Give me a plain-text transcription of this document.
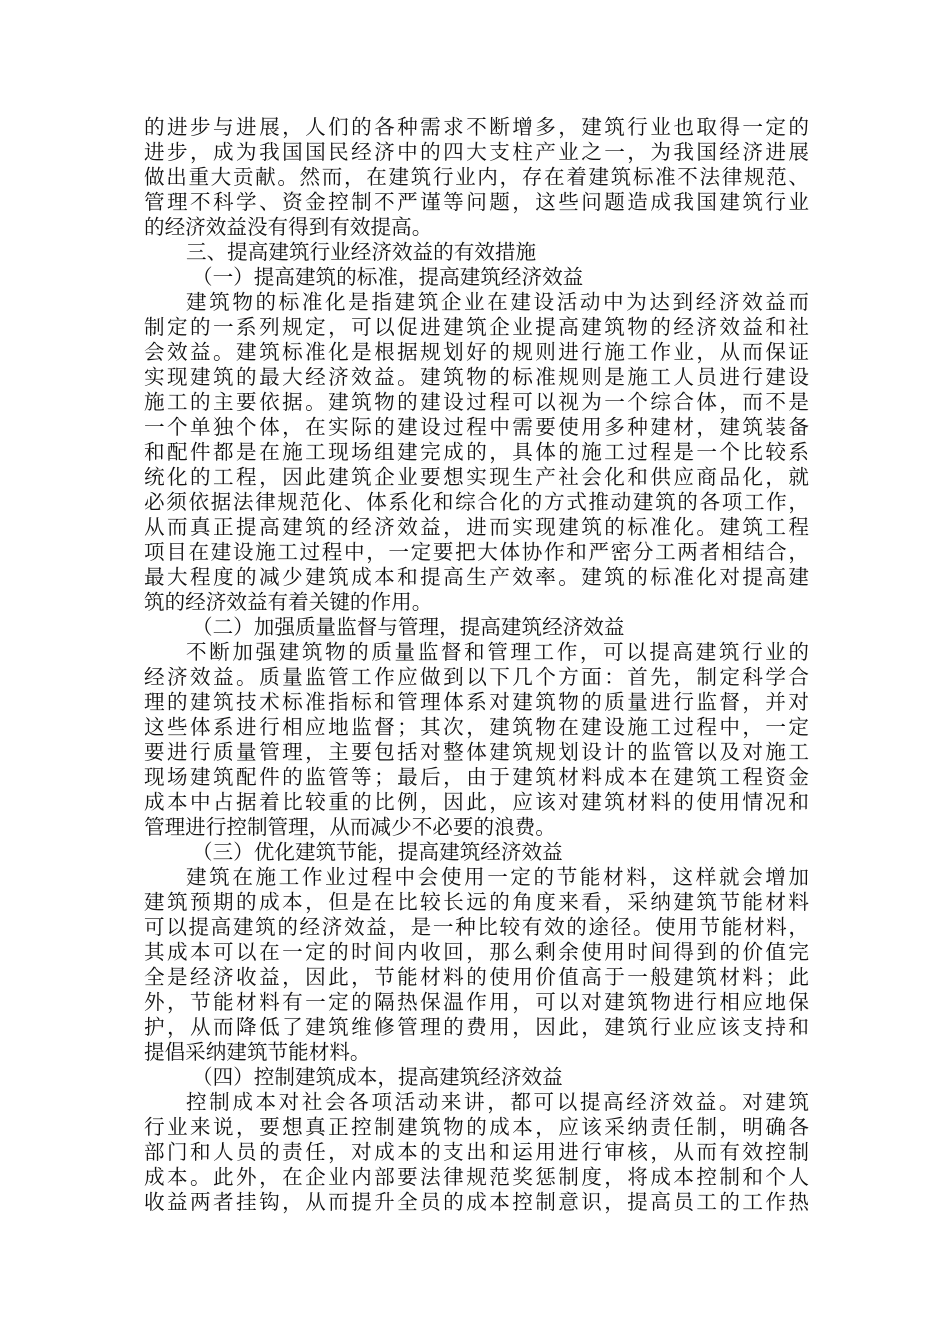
的进步与进展，人们的各种需求不断增多，建筑行业也取得一定的
进步，成为我国国民经济中的四大支柱产业之一，为我国经济进展
做出重大贡献。然而，在建筑行业内，存在着建筑标准不法律规范、
管理不科学、资金控制不严谨等问题，这些问题造成我国建筑行业
的经济效益没有得到有效提高。
三、提高建筑行业经济效益的有效措施
（一）提高建筑的标准，提高建筑经济效益
建筑物的标准化是指建筑企业在建设活动中为达到经济效益而
制定的一系列规定，可以促进建筑企业提高建筑物的经济效益和社
会效益。建筑标准化是根据规划好的规则进行施工作业，从而保证
实现建筑的最大经济效益。建筑物的标准规则是施工人员进行建设
施工的主要依据。建筑物的建设过程可以视为一个综合体，而不是
一个单独个体，在实际的建设过程中需要使用多种建材，建筑装备
和配件都是在施工现场组建完成的，具体的施工过程是一个比较系
统化的工程，因此建筑企业要想实现生产社会化和供应商品化，就
必须依据法律规范化、体系化和综合化的方式推动建筑的各项工作，
从而真正提高建筑的经济效益，进而实现建筑的标准化。建筑工程
项目在建设施工过程中，一定要把大体协作和严密分工两者相结合，
最大程度的减少建筑成本和提高生产效率。建筑的标准化对提高建
筑的经济效益有着关键的作用。
（二）加强质量监督与管理，提高建筑经济效益
不断加强建筑物的质量监督和管理工作，可以提高建筑行业的
经济效益。质量监管工作应做到以下几个方面：首先，制定科学合
理的建筑技术标准指标和管理体系对建筑物的质量进行监督，并对
这些体系进行相应地监督；其次，建筑物在建设施工过程中，一定
要进行质量管理，主要包括对整体建筑规划设计的监管以及对施工
现场建筑配件的监管等；最后，由于建筑材料成本在建筑工程资金
成本中占据着比较重的比例，因此，应该对建筑材料的使用情况和
管理进行控制管理，从而减少不必要的浪费。
（三）优化建筑节能，提高建筑经济效益
建筑在施工作业过程中会使用一定的节能材料，这样就会增加
建筑预期的成本，但是在比较长远的角度来看，采纳建筑节能材料
可以提高建筑的经济效益，是一种比较有效的途径。使用节能材料，
其成本可以在一定的时间内收回，那么剩余使用时间得到的价值完
全是经济收益，因此，节能材料的使用价值高于一般建筑材料；此
外，节能材料有一定的隔热保温作用，可以对建筑物进行相应地保
护，从而降低了建筑维修管理的费用，因此，建筑行业应该支持和
提倡采纳建筑节能材料。
（四）控制建筑成本，提高建筑经济效益
控制成本对社会各项活动来讲，都可以提高经济效益。对建筑
行业来说，要想真正控制建筑物的成本，应该采纳责任制，明确各
部门和人员的责任，对成本的支出和运用进行审核，从而有效控制
成本。此外，在企业内部要法律规范奖惩制度，将成本控制和个人
收益两者挂钩，从而提升全员的成本控制意识，提高员工的工作热
